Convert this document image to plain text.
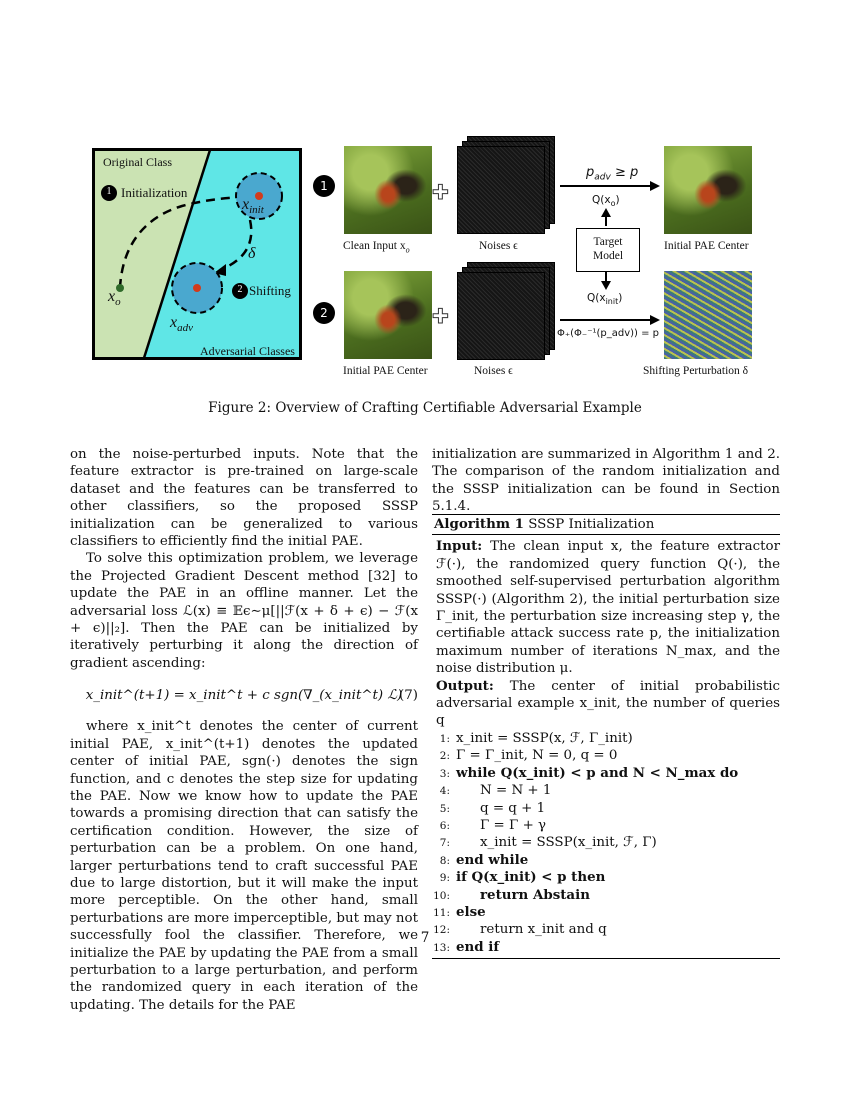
Original Class
Adversarial Classes
1 Initialization
2 Shifting
$x_o$
$x_{init}$
$x_{adv}$
δ
1
2
Clean Input $x_o$
✚
Noises ϵ
$p_{adv} \ge p$
$Q(x_o)$
Target
Model
$Q(x_{init})$
Φ₊(Φ₋⁻¹(p_adv)) = p
Initial PAE Center
Initial PAE Center
✚
Noises ϵ	Shifting Perturbation δ
Figure 2: Overview of Crafting Certifiable Adversarial Example

on the noise-perturbed inputs. Note that the feature extractor is pre-trained on large-scale dataset and the features can be transferred to other classifiers, so the proposed SSSP initialization can be generalized to various classifiers to efficiently find the initial PAE.

To solve this optimization problem, we leverage the Projected Gradient Descent method [32] to update the PAE in an offline manner. Let the adversarial loss ℒ(x) ≡ 𝔼ϵ∼μ[||ℱ(x + δ + ϵ) − ℱ(x + ϵ)||₂]. Then the PAE can be initialized by iteratively perturbing it along the direction of gradient ascending:

x_init^(t+1) = x_init^t + c sgn(∇_(x_init^t) ℒ)
(7)

where x_init^t denotes the center of current initial PAE, x_init^(t+1) denotes the updated center of initial PAE, sgn(·) denotes the sign function, and c denotes the step size for updating the PAE. Now we know how to update the PAE towards a promising direction that can satisfy the certification condition. However, the size of perturbation can be a problem. On one hand, larger perturbations tend to craft successful PAE due to large distortion, but it will make the input more perceptible. On the other hand, small perturbations are more imperceptible, but may not successfully fool the classifier. Therefore, we initialize the PAE by updating the PAE from a small perturbation to a large perturbation, and perform the randomized query in each iteration of the updating. The details for the PAE

initialization are summarized in Algorithm 1 and 2. The comparison of the random initialization and the SSSP initialization can be found in Section 5.1.4.

Algorithm 1 SSSP Initialization
Input: The clean input x, the feature extractor ℱ(·), the randomized query function Q(·), the smoothed self-supervised perturbation algorithm SSSP(·) (Algorithm 2), the initial perturbation size Γ_init, the perturbation size increasing step γ, the certifiable attack success rate p, the initialization maximum number of iterations N_max, and the noise distribution μ.
Output: The center of initial probabilistic adversarial example x_init, the number of queries q
1: x_init = SSSP(x, ℱ, Γ_init)
2: Γ = Γ_init, N = 0, q = 0
3: while Q(x_init) < p and N < N_max do
4: N = N + 1
5: q = q + 1
6: Γ = Γ + γ
7: x_init = SSSP(x_init, ℱ, Γ)
8: end while
9: if Q(x_init) < p then
10: return Abstain
11: else
12: return x_init and q
13: end if
7
